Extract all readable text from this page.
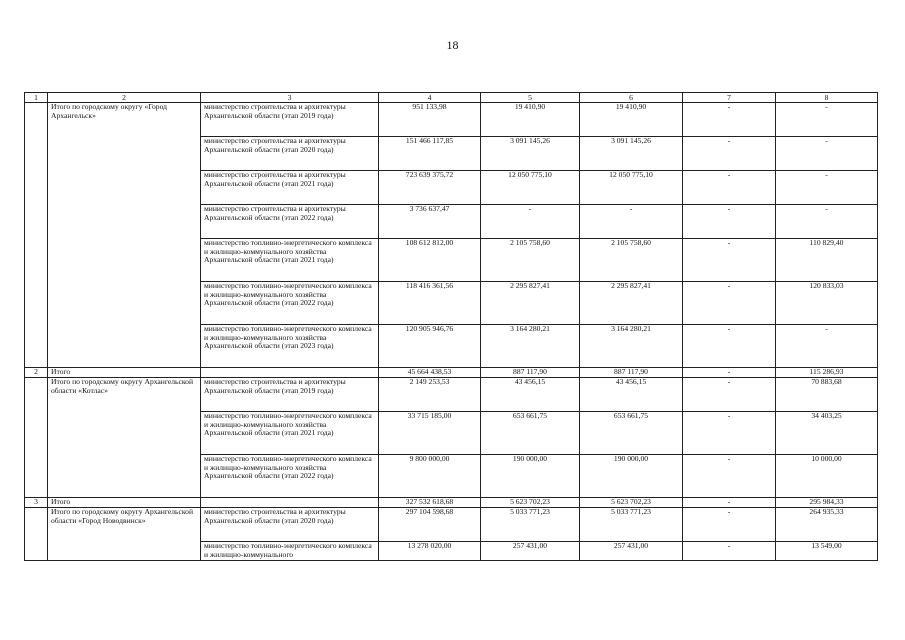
18
1	2	3	4	5	6	7	8
	Итого по городскому округу «Город Архангельск»	министерство строительства и архитектуры Архангельской области (этап 2019 года)	951 133,98	19 410,90	19 410,90	-	-
		министерство строительства и архитектуры Архангельской области (этап 2020 года)	151 466 117,85	3 091 145,26	3 091 145,26	-	-
		министерство строительства и архитектуры Архангельской области (этап 2021 года)	723 639 375,72	12 050 775,10	12 050 775,10	-	-
		министерство строительства и архитектуры Архангельской области (этап 2022 года)	3 736 637,47	-	-	-	-
		министерство топливно-энергетического комплекса и жилищно-коммунального хозяйства Архангельской области (этап 2021 года)	108 612 812,00	2 105 758,60	2 105 758,60	-	110 829,40
		министерство топливно-энергетического комплекса и жилищно-коммунального хозяйства Архангельской области (этап 2022 года)	118 416 361,56	2 295 827,41	2 295 827,41	-	120 833,03
		министерство топливно-энергетического комплекса и жилищно-коммунального хозяйства Архангельской области (этап 2023 года)	120 905 946,76	3 164 280,21	3 164 280,21	-	-
2	Итого		45 664 438,53	887 117,90	887 117,90	-	115 286,93
	Итого по городскому округу Архангельской области «Котлас»	министерство строительства и архитектуры Архангельской области (этап 2019 года)	2 149 253,53	43 456,15	43 456,15	-	70 883,68
		министерство топливно-энергетического комплекса и жилищно-коммунального хозяйства Архангельской области (этап 2021 года)	33 715 185,00	653 661,75	653 661,75	-	34 403,25
		министерство топливно-энергетического комплекса и жилищно-коммунального хозяйства Архангельской области (этап 2022 года)	9 800 000,00	190 000,00	190 000,00	-	10 000,00
3	Итого		327 532 618,68	5 623 702,23	5 623 702,23	-	295 984,33
	Итого по городскому округу Архангельской области «Город Новодвинск»	министерство строительства и архитектуры Архангельской области (этап 2020 года)	297 104 598,68	5 033 771,23	5 033 771,23	-	264 935,33
		министерство топливно-энергетического комплекса и жилищно-коммунального	13 278 020,00	257 431,00	257 431,00	-	13 549,00
